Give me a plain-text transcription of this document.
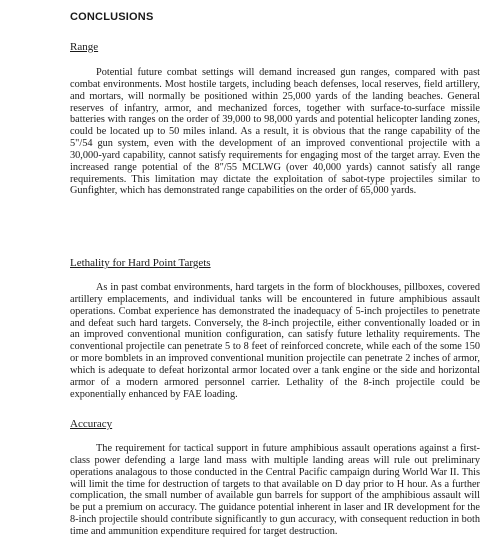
CONCLUSIONS
Range

Potential future combat settings will demand increased gun ranges, compared with past combat environments. Most hostile targets, including beach defenses, local reserves, field artillery, and mortars, will normally be positioned within 25,000 yards of the landing beaches. General reserves of infantry, armor, and mechanized forces, together with surface-to-surface missile batteries with ranges on the order of 39,000 to 98,000 yards and potential helicopter landing zones, could be located up to 50 miles inland. As a result, it is obvious that the range capability of the 5"/54 gun system, even with the development of an improved conventional projectile with a 30,000-yard capability, cannot satisfy requirements for engaging most of the target array. Even the increased range potential of the 8"/55 MCLWG (over 40,000 yards) cannot satisfy all range requirements. This limitation may dictate the exploitation of sabot-type projectiles similar to Gunfighter, which has demonstrated range capabilities on the order of 65,000 yards.

Lethality for Hard Point Targets

As in past combat environments, hard targets in the form of blockhouses, pillboxes, covered artillery emplacements, and individual tanks will be encountered in future amphibious assault operations. Combat experience has demonstrated the inadequacy of 5-inch projectiles to penetrate and defeat such hard targets. Conversely, the 8-inch projectile, either conventionally loaded or in an improved conventional munition configuration, can satisfy future lethality requirements. The conventional projectile can penetrate 5 to 8 feet of reinforced concrete, while each of the some 150 or more bomblets in an improved conventional munition projectile can penetrate 2 inches of armor, which is adequate to defeat horizontal armor located over a tank engine or the side and horizontal armor of a modern armored personnel carrier. Lethality of the 8-inch projectile could be exponentially enhanced by FAE loading.

Accuracy

The requirement for tactical support in future amphibious assault operations against a first-class power defending a large land mass with multiple landing areas will rule out preliminary operations analagous to those conducted in the Central Pacific campaign during World War II. This will limit the time for destruction of targets to that available on D day prior to H hour. As a further complication, the small number of available gun barrels for support of the amphibious assault will be put a premium on accuracy. The guidance potential inherent in laser and IR development for the 8-inch projectile should contribute significantly to gun accuracy, with consequent reduction in both time and ammunition expenditure required for target destruction.
